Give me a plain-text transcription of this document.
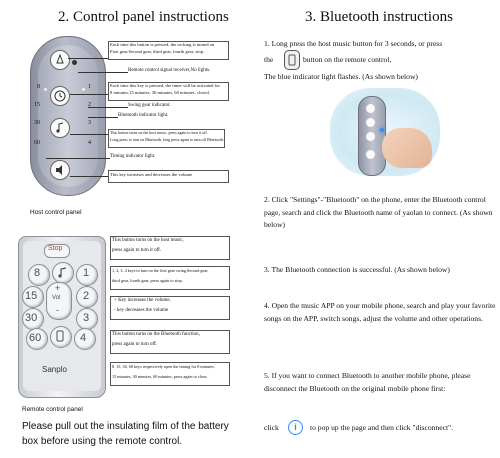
2. Control panel instructions
8
15
30
60
1
2
3
4
Each time this button is pressed, the rocking is turned on
First gear,Second gear, third gear, fourth gear, stop.
Remote control signal receiver,No lights.
Each time this key is pressed, the timer will be activated for
8 minutes,15 minutes, 30 minutes, 60 minutes, closed.
Swing gear indicator.
Bluetooth indicator light.
This button turns on the host music, press again to turn it off.
Long press to turn on Bluetooth, long press again to turn off Bluetooth.
Timing indicator light.
This key increases and decreases the volume
Host control panel
Stop
8	1
15
+
Vol
-
2
30	3
60	4
Sanplo
This button turns on the host music,
press again to turn it off.
1, 2, 3, 4 keys to turn on the first gear swing,Second gear,
third gear, fourth gear, press again to stop.
+ Key increases the volume,
- key decreases the volume
This button turns on the Bluetooth function,
press again to turn off.
8, 15, 30, 60 keys respectively open the timing for 8 minutes,
15 minutes, 30 minutes, 60 minutes, press again to close.
Remote control panel
Please pull out the insulating film of the battery
box before using the remote control.
3. Bluetooth instructions
1. Long press the host music button for 3 seconds, or press
the	button on the remote control,
The blue indicator light flashes. (As shown below)
2. Click "Settings"-"Bluetooth" on the phone, enter the Bluetooth control page, search and click the Bluetooth name of yaolan to connect. (As shown below)
3. The Bluetooth connection is successful. (As shown below)
4. Open the music APP on your mobile phone, search and play your favorite songs on the APP, switch songs, adjust the volume and other operations.
5. If you want to connect Bluetooth to another mobile phone, please disconnect the Bluetooth on the original mobile phone first:
click	i	to pop up the page and then click "disconnect".
